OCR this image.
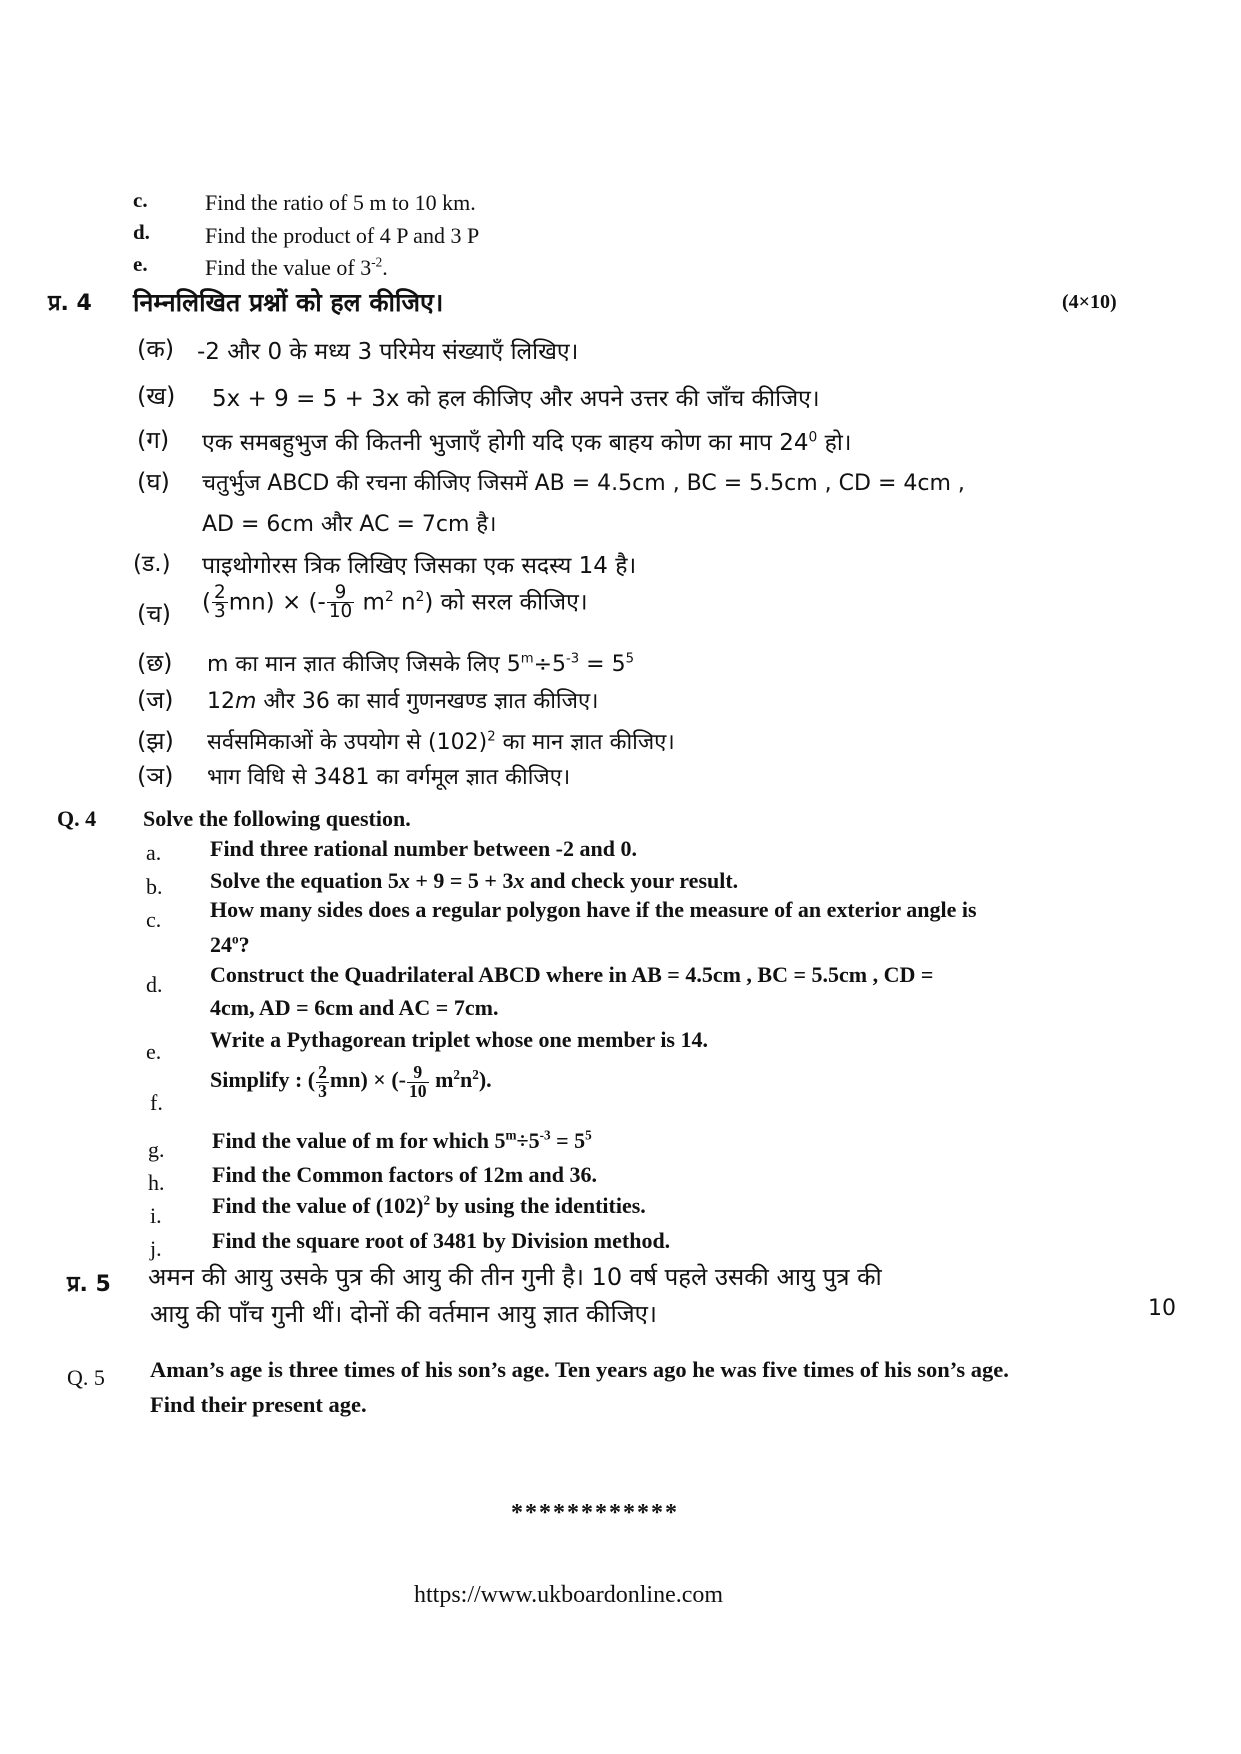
c.	Find the ratio of 5 m to 10 km.
d.	Find the product of 4 P and 3 P
e.	Find the value of $3^{-2}$.
प्र. 4 निम्नलिखित प्रश्नों को हल कीजिए।	(4×10)
(क) -2 और 0 के मध्य 3 परिमेय संख्याएँ लिखिए।
(ख) 5x + 9 = 5 + 3x को हल कीजिए और अपने उत्तर की जाँच कीजिए।
(ग) एक समबहुभुज की कितनी भुजाएँ होगी यदि एक बाहय कोण का माप $24^0$ हो।
(घ) चतुर्भुज ABCD की रचना कीजिए जिसमें AB = 4.5cm , BC = 5.5cm , CD = 4cm ,
AD = 6cm और AC = 7cm है।
(ड.) पाइथोगोरस त्रिक लिखिए जिसका एक सदस्य 14 है।
(च) ( $\frac{2}{3} mn$) × (- $\frac{9}{10} m^2$ $n^2$) को सरल कीजिए।
(छ) m का मान ज्ञात कीजिए जिसके लिए $5^m\div 5^{-3} = 5^5$
(ज) 12m और 36 का सार्व गुणनखण्ड ज्ञात कीजिए।
(झ) सर्वसमिकाओं के उपयोग से $(102)^2$ का मान ज्ञात कीजिए।
(ञ) भाग विधि से 3481 का वर्गमूल ज्ञात कीजिए।
Q. 4 Solve the following question.
a. Find three rational number between -2 and 0.
b. Solve the equation 5x + 9 = 5 + 3x and check your result.
c. How many sides does a regular polygon have if the measure of an exterior angle is
24$^o$?
d. Construct the Quadrilateral ABCD where in AB = 4.5cm , BC = 5.5cm , CD =
4cm, AD = 6cm and AC = 7cm.
e. Write a Pythagorean triplet whose one member is 14.
f.
Simplify : ( $\frac{2}{3} mn$) × (- $\frac{9}{10} m^2n^2$).
g. Find the value of m for which $5^m\div 5^{-3} = 5^5$
h. Find the Common factors of 12m and 36.
i. Find the value of $(102)^2$ by using the identities.
j. Find the square root of 3481 by Division method.
प्र. 5 अमन की आयु उसके पुत्र की आयु की तीन गुनी है। 10 वर्ष पहले उसकी आयु पुत्र की
आयु की पाँच गुनी थीं। दोनों की वर्तमान आयु ज्ञात कीजिए।	10
Q. 5 Aman’s age is three times of his son’s age. Ten years ago he was five times of his son’s age.
Find their present age.
************
https://www.ukboardonline.com
